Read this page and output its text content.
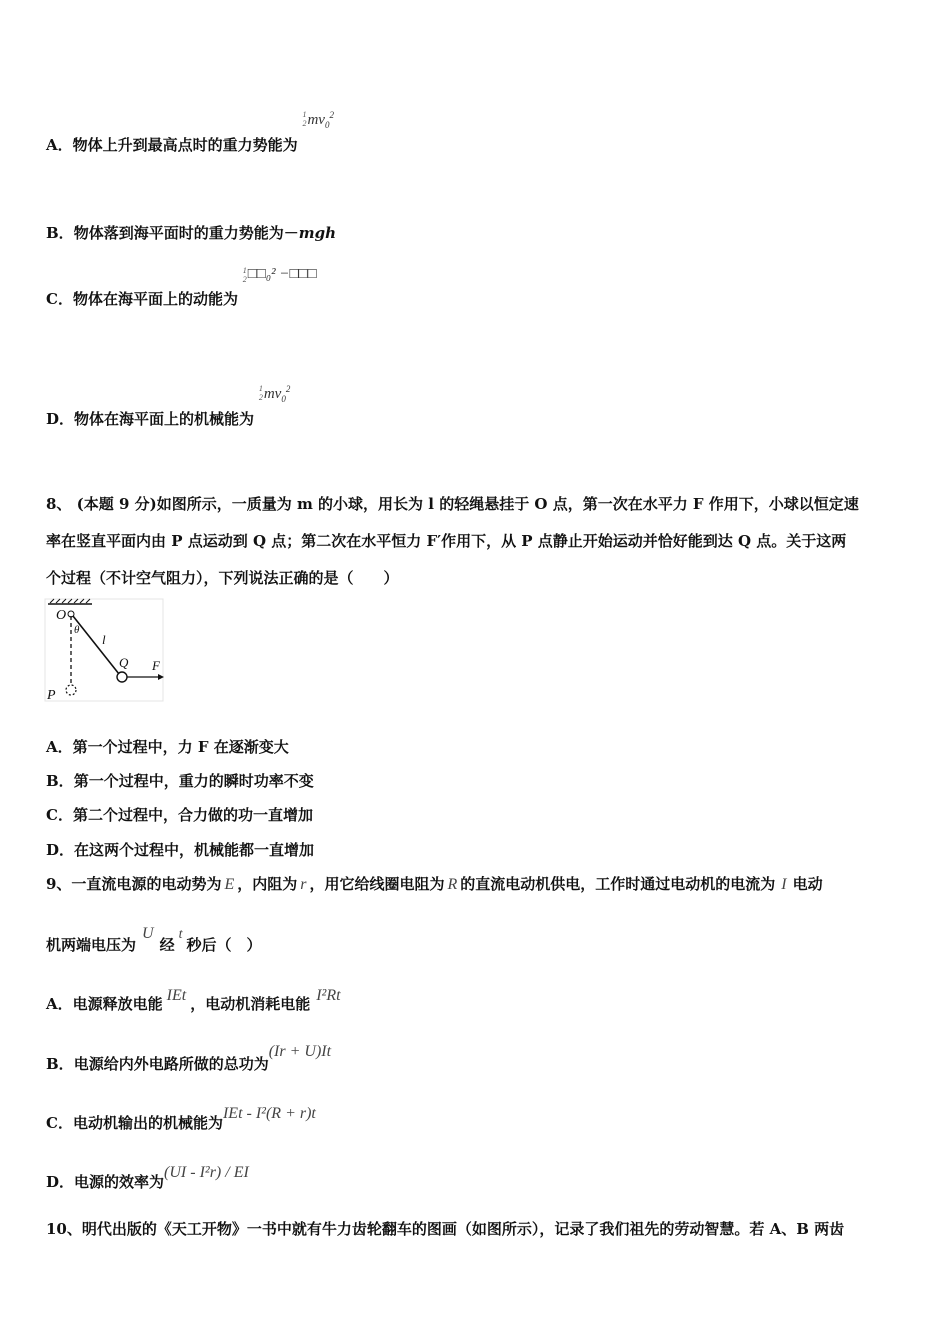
A．物体上升到最高点时的重力势能为
1
2 $mv_0^2$
B．物体落到海平面时的重力势能为－mgh
C．物体在海平面上的动能为
1
2 □□₀² −□□□
D．物体在海平面上的机械能为
1
2 $mv_0^2$
8、 (本题 9 分)如图所示，一质量为 m 的小球，用长为 l 的轻绳悬挂于 O 点，第一次在水平力 F 作用下，小球以恒定速
率在竖直平面内由 P 点运动到 Q 点；第二次在水平恒力 F′作用下，从 P 点静止开始运动并恰好能到达 Q 点。关于这两
个过程（不计空气阻力），下列说法正确的是（　　）
O
θ
l
Q F
P
A．第一个过程中，力 F 在逐渐变大
B．第一个过程中，重力的瞬时功率不变
C．第二个过程中，合力做的功一直增加
D．在这两个过程中，机械能都一直增加
9、一直流电源的电动势为 E ，内阻为 r ，用它给线圈电阻为 R 的直流电动机供电，工作时通过电动机的电流为 I 电动
机两端电压为U经t秒后（　）
A．电源释放电能 IEt ，电动机消耗电能 I²Rt
B．电源给内外电路所做的总功为(Ir + U)It
C．电动机输出的机械能为IEt - I²(R + r)t
D．电源的效率为(UI - I²r) / EI
10、明代出版的《天工开物》一书中就有牛力齿轮翻车的图画（如图所示），记录了我们祖先的劳动智慧。若 A、B 两齿
